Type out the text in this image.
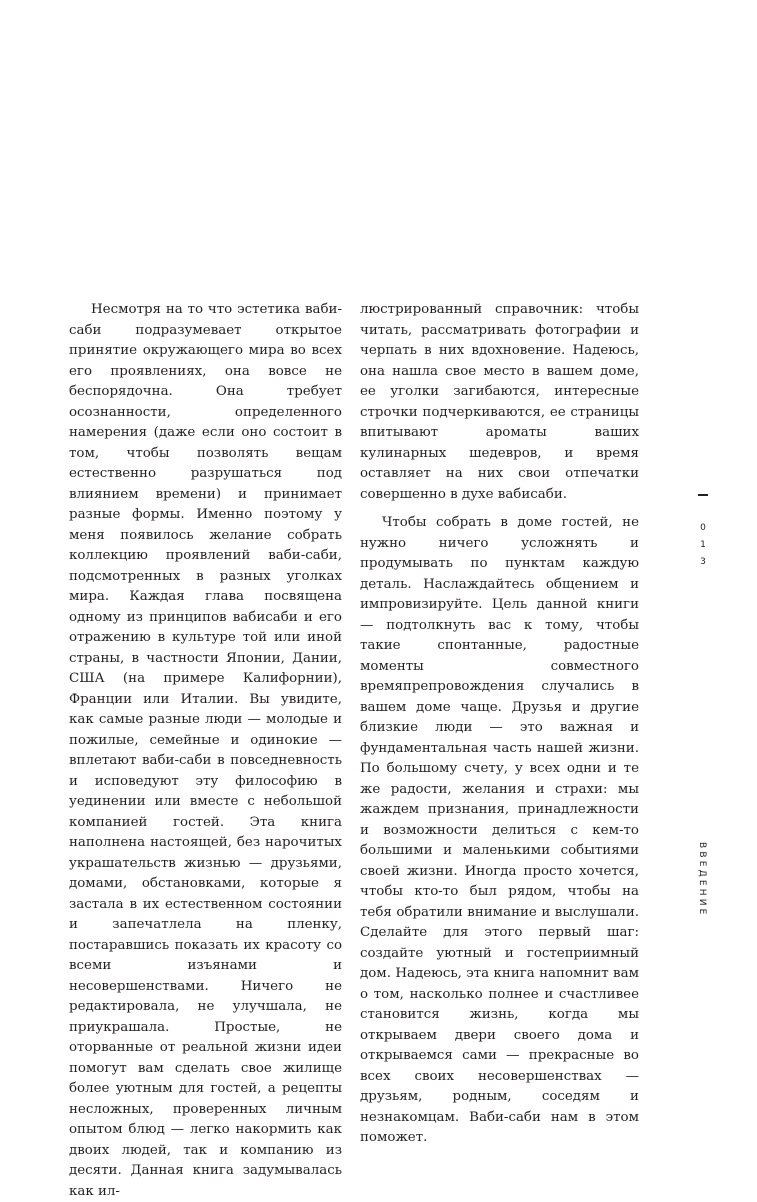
Несмотря на то что эстетика ваби-саби подразумевает открытое принятие окружающего мира во всех его проявлениях, она вовсе не беспорядочна. Она требует осознанности, определенного намерения (даже если оно состоит в том, чтобы позволять вещам естественно разрушаться под влиянием времени) и принимает разные формы. Именно поэтому у меня появилось желание собрать коллекцию проявлений ваби-саби, подсмотренных в разных уголках мира. Каждая глава посвящена одному из принципов вабисаби и его отражению в культуре той или иной страны, в частности Японии, Дании, США (на примере Калифорнии), Франции или Италии. Вы увидите, как самые разные люди — молодые и пожилые, семейные и одинокие — вплетают ваби-саби в повседневность и исповедуют эту философию в уединении или вместе с небольшой компанией гостей. Эта книга наполнена настоящей, без нарочитых украшательств жизнью — друзьями, домами, обстановками, которые я застала в их естественном состоянии и запечатлела на пленку, постаравшись показать их красоту со всеми изъянами и несовершенствами. Ничего не редактировала, не улучшала, не приукрашала. Простые, не оторванные от реальной жизни идеи помогут вам сделать свое жилище более уютным для гостей, а рецепты несложных, проверенных личным опытом блюд — легко накормить как двоих людей, так и компанию из десяти. Данная книга задумывалась как ил-

люстрированный справочник: чтобы читать, рассматривать фотографии и черпать в них вдохновение. Надеюсь, она нашла свое место в вашем доме, ее уголки загибаются, интересные строчки подчеркиваются, ее страницы впитывают ароматы ваших кулинарных шедевров, и время оставляет на них свои отпечатки совершенно в духе вабисаби.

Чтобы собрать в доме гостей, не нужно ничего усложнять и продумывать по пунктам каждую деталь. Наслаждайтесь общением и импровизируйте. Цель данной книги — подтолкнуть вас к тому, чтобы такие спонтанные, радостные моменты совместного времяпрепровождения случались в вашем доме чаще. Друзья и другие близкие люди — это важная и фундаментальная часть нашей жизни. По большому счету, у всех одни и те же радости, желания и страхи: мы жаждем признания, принадлежности и возможности делиться с кем-то большими и маленькими событиями своей жизни. Иногда просто хочется, чтобы кто-то был рядом, чтобы на тебя обратили внимание и выслушали. Сделайте для этого первый шаг: создайте уютный и гостеприимный дом. Надеюсь, эта книга напомнит вам о том, насколько полнее и счастливее становится жизнь, когда мы открываем двери своего дома и открываемся сами — прекрасные во всех своих несовершенствах — друзьям, родным, соседям и незнакомцам. Ваби-саби нам в этом поможет.

0
1
3
ВВЕДЕНИЕ
